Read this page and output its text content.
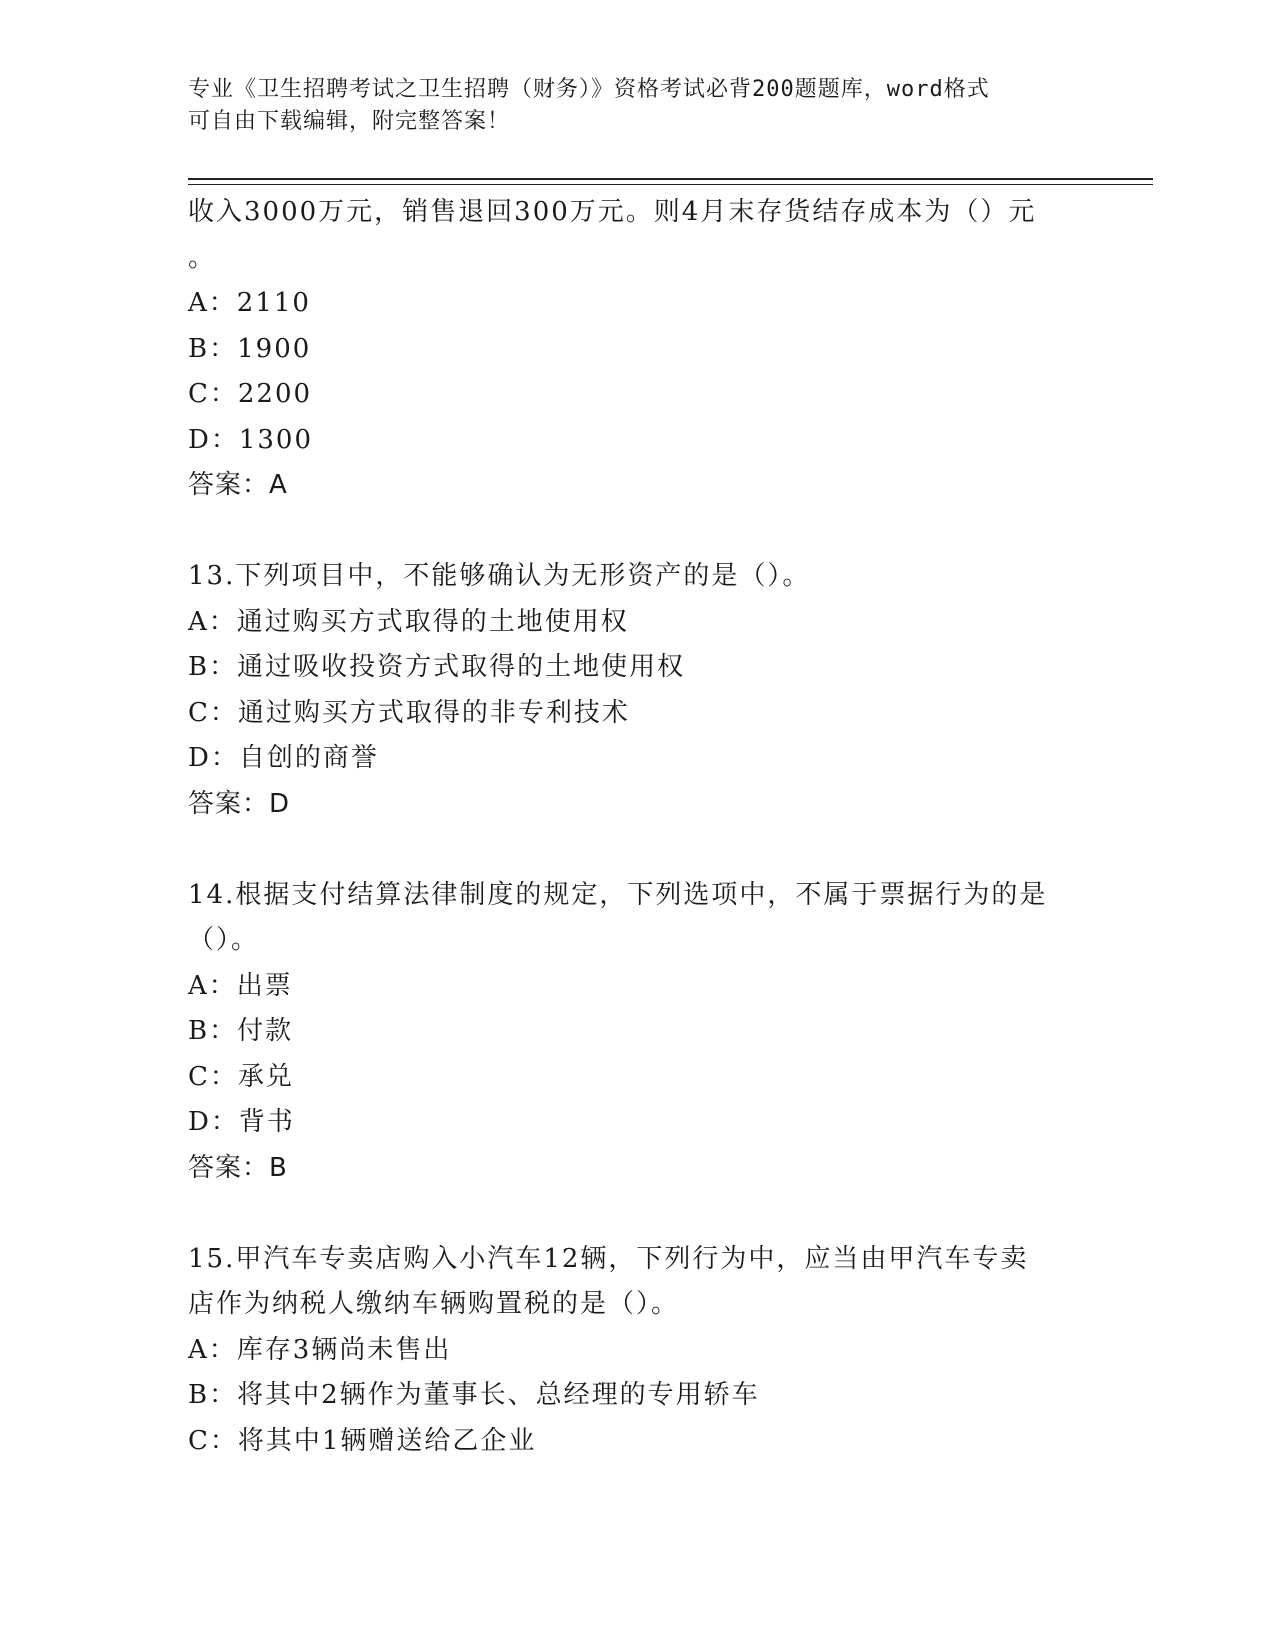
专业《卫生招聘考试之卫生招聘（财务）》资格考试必背200题题库，word格式
可自由下载编辑，附完整答案！
收入3000万元，销售退回300万元。则4月末存货结存成本为（）元
。
A：2110
B：1900
C：2200
D：1300
答案：A
13.下列项目中，不能够确认为无形资产的是（）。
A：通过购买方式取得的土地使用权
B：通过吸收投资方式取得的土地使用权
C：通过购买方式取得的非专利技术
D：自创的商誉
答案：D
14.根据支付结算法律制度的规定，下列选项中，不属于票据行为的是
（）。
A：出票
B：付款
C：承兑
D：背书
答案：B
15.甲汽车专卖店购入小汽车12辆，下列行为中，应当由甲汽车专卖
店作为纳税人缴纳车辆购置税的是（）。
A：库存3辆尚未售出
B：将其中2辆作为董事长、总经理的专用轿车
C：将其中1辆赠送给乙企业
